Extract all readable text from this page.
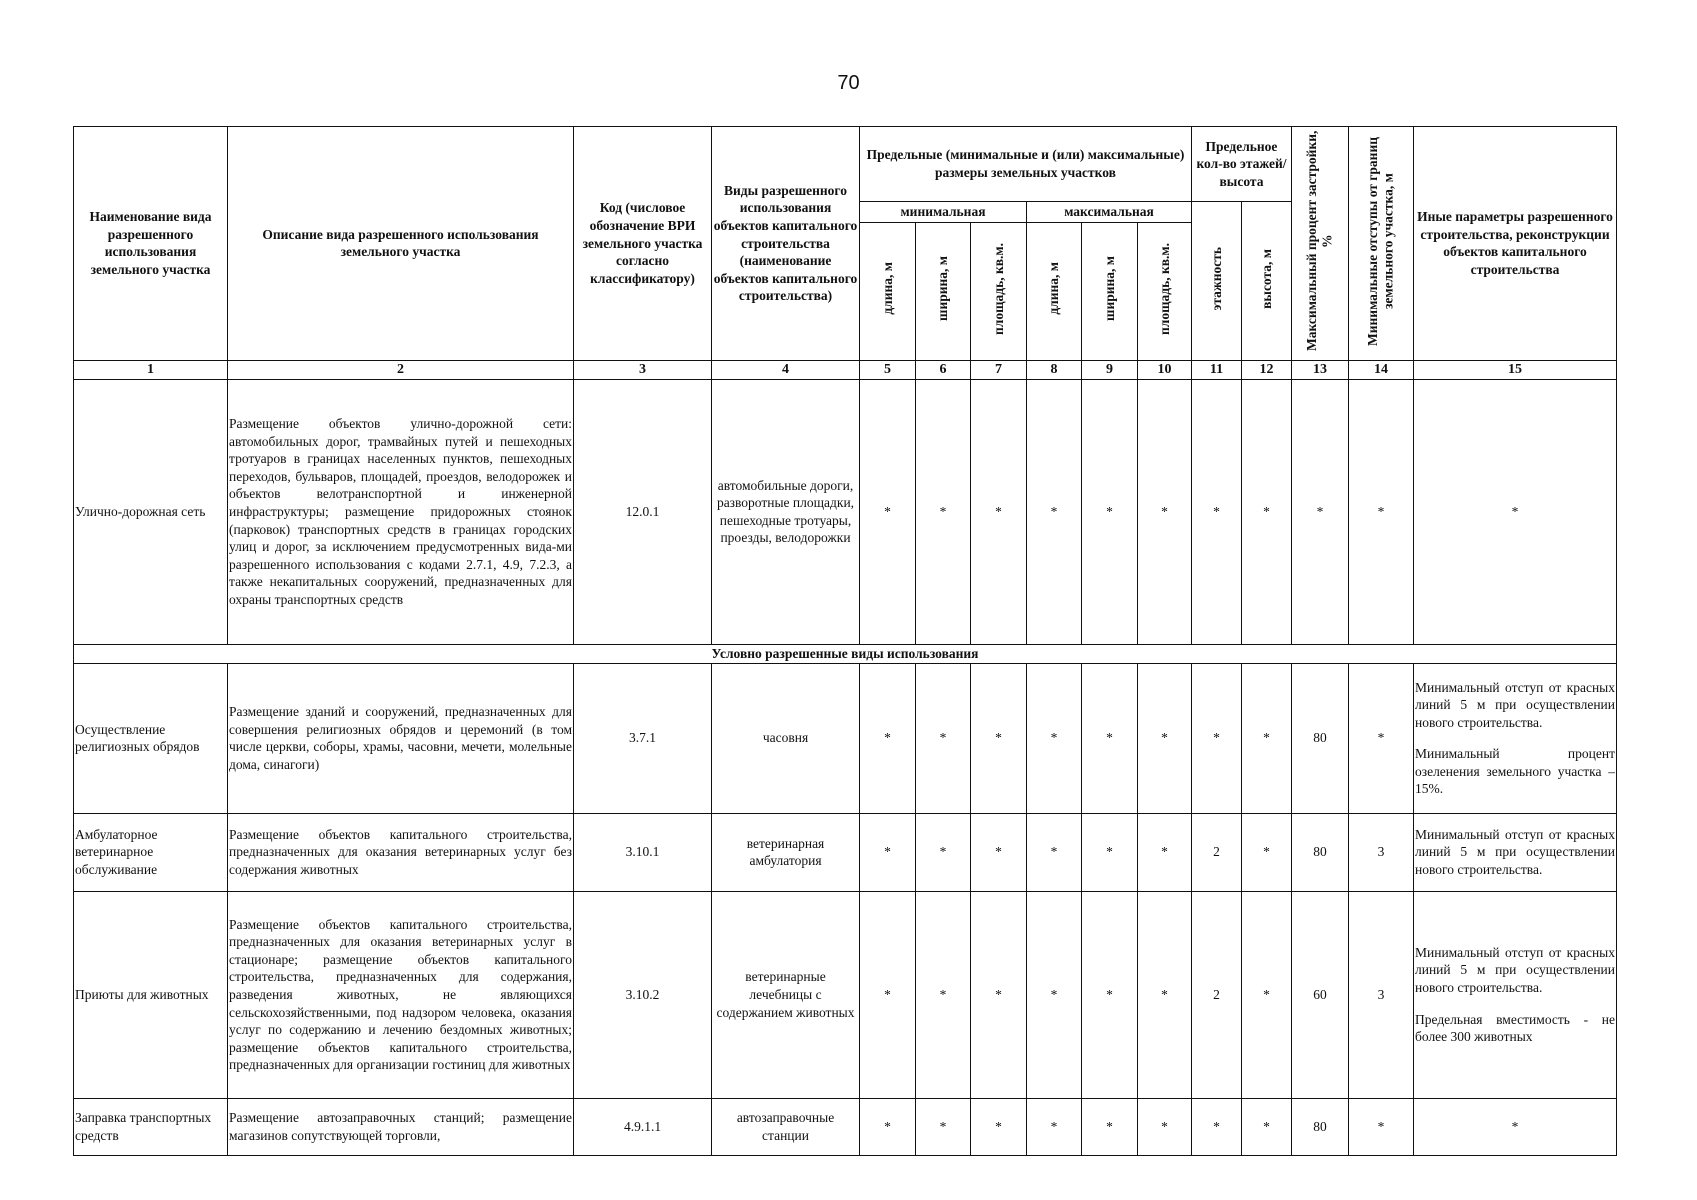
70
Наименование вида разрешенного использования земельного участка	Описание вида разрешенного использования земельного участка	Код (числовое обозначение ВРИ земельного участка согласно классификатору)	Виды разрешенного использования объектов капитального строительства (наименование объектов капитального строительства)	Предельные (минимальные и (или) максимальные) размеры земельных участков						Предельное кол-во этажей/ высота		Максимальный процент застройки, %	Минимальные отступы от границ земельного участка, м	Иные параметры разрешенного строительства, реконструкции объектов капитального строительства
				минимальная			максимальная			этажность	высота, м			
				длина, м	ширина, м	площадь, кв.м.	длина, м	ширина, м	площадь, кв.м.					
1	2	3	4	5	6	7	8	9	10	11	12	13	14	15
Улично-дорожная сеть	Размещение объектов улично-дорожной сети: автомобильных дорог, трамвайных путей и пешеходных тротуаров в границах населенных пунктов, пешеходных переходов, бульваров, площадей, проездов, велодорожек и объектов велотранспортной и инженерной инфраструктуры; размещение придорожных стоянок (парковок) транспортных средств в границах городских улиц и дорог, за исключением предусмотренных вида-ми разрешенного использования с кодами 2.7.1, 4.9, 7.2.3, а также некапитальных сооружений, предназначенных для охраны транспортных средств	12.0.1	автомобильные дороги, разворотные площадки, пешеходные тротуары, проезды, велодорожки	*	*	*	*	*	*	*	*	*	*	*
Условно разрешенные виды использования														
Осуществление религиозных обрядов	Размещение зданий и сооружений, предназначенных для совершения религиозных обрядов и церемоний (в том числе церкви, соборы, храмы, часовни, мечети, молельные дома, синагоги)	3.7.1	часовня	*	*	*	*	*	*	*	*	80	*	Минимальный отступ от красных линий 5 м при осуществлении нового строительства.

Минимальный процент озеленения земельного участка – 15%.

Амбулаторное ветеринарное обслуживание	Размещение объектов капитального строительства, предназначенных для оказания ветеринарных услуг без содержания животных	3.10.1	ветеринарная амбулатория	*	*	*	*	*	*	2	*	80	3	Минимальный отступ от красных линий 5 м при осуществлении нового строительства.

Приюты для животных	Размещение объектов капитального строительства, предназначенных для оказания ветеринарных услуг в стационаре; размещение объектов капитального строительства, предназначенных для содержания, разведения животных, не являющихся сельскохозяйственными, под надзором человека, оказания услуг по содержанию и лечению бездомных животных; размещение объектов капитального строительства, предназначенных для организации гостиниц для животных	3.10.2	ветеринарные лечебницы с содержанием животных	*	*	*	*	*	*	2	*	60	3	Минимальный отступ от красных линий 5 м при осуществлении нового строительства.

Предельная вместимость - не более 300 животных

Заправка транспортных средств	Размещение автозаправочных станций; размещение магазинов сопутствующей торговли,	4.9.1.1	автозаправочные станции	*	*	*	*	*	*	*	*	80	*	*
